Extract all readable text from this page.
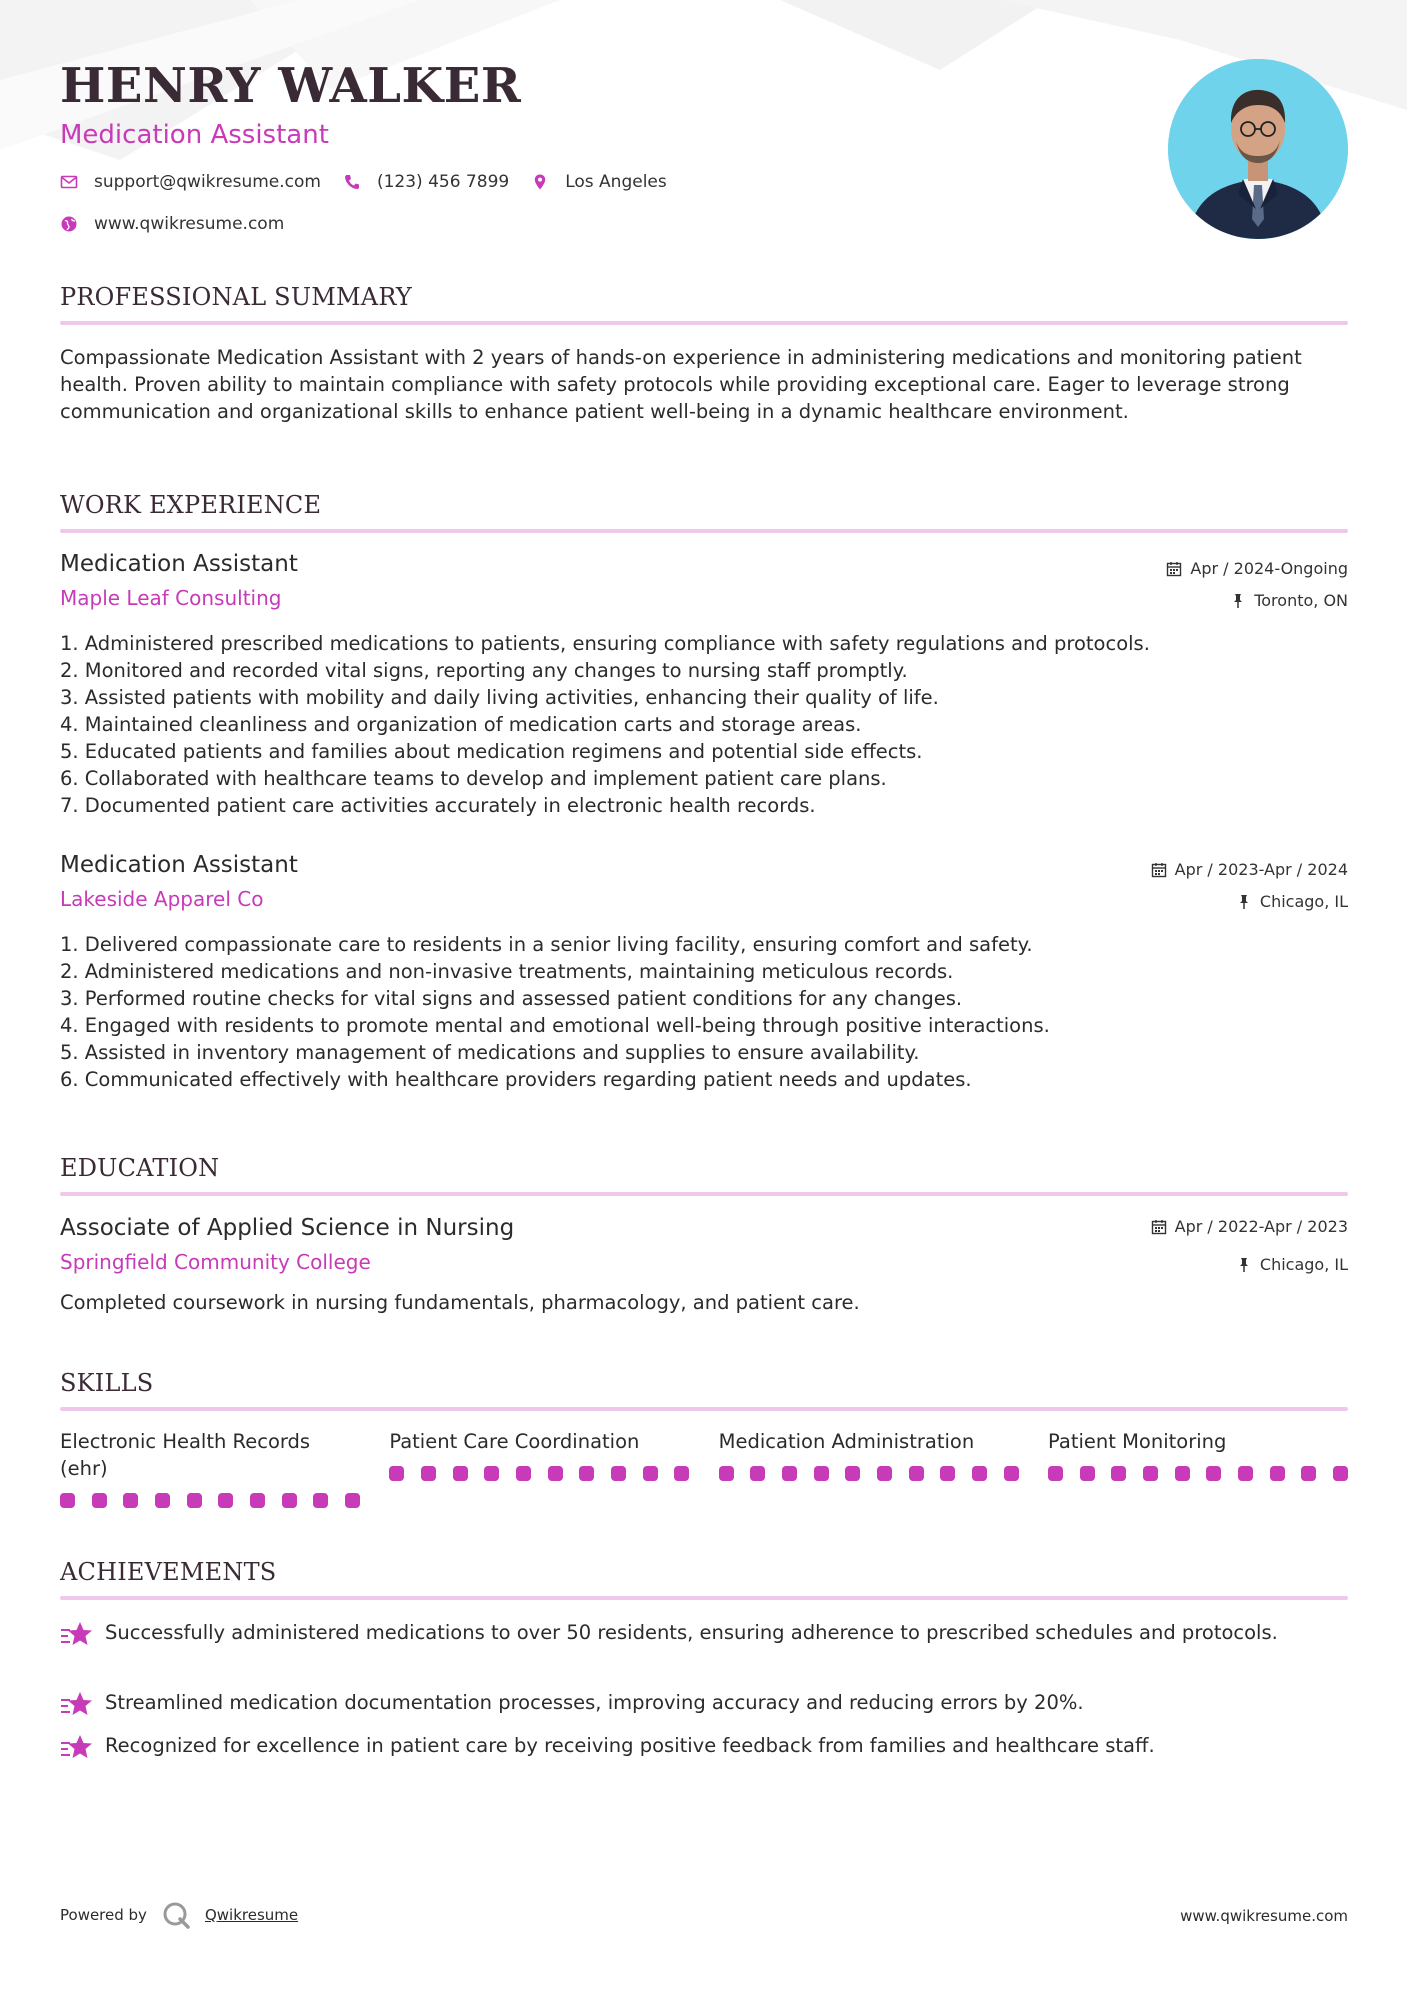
HENRY WALKER
Medication Assistant
support@qwikresume.com	(123) 456 7899	Los Angeles
www.qwikresume.com
PROFESSIONAL SUMMARY
Compassionate Medication Assistant with 2 years of hands-on experience in administering medications and monitoring patient health. Proven ability to maintain compliance with safety protocols while providing exceptional care. Eager to leverage strong communication and organizational skills to enhance patient well-being in a dynamic healthcare environment.
WORK EXPERIENCE
Medication Assistant
Maple Leaf Consulting
Apr / 2024-Ongoing
Toronto, ON
1. Administered prescribed medications to patients, ensuring compliance with safety regulations and protocols.
2. Monitored and recorded vital signs, reporting any changes to nursing staff promptly.
3. Assisted patients with mobility and daily living activities, enhancing their quality of life.
4. Maintained cleanliness and organization of medication carts and storage areas.
5. Educated patients and families about medication regimens and potential side effects.
6. Collaborated with healthcare teams to develop and implement patient care plans.
7. Documented patient care activities accurately in electronic health records.
Medication Assistant
Lakeside Apparel Co
Apr / 2023-Apr / 2024
Chicago, IL
1. Delivered compassionate care to residents in a senior living facility, ensuring comfort and safety.
2. Administered medications and non-invasive treatments, maintaining meticulous records.
3. Performed routine checks for vital signs and assessed patient conditions for any changes.
4. Engaged with residents to promote mental and emotional well-being through positive interactions.
5. Assisted in inventory management of medications and supplies to ensure availability.
6. Communicated effectively with healthcare providers regarding patient needs and updates.
EDUCATION
Associate of Applied Science in Nursing
Springfield Community College
Apr / 2022-Apr / 2023
Chicago, IL
Completed coursework in nursing fundamentals, pharmacology, and patient care.
SKILLS
Electronic Health Records (ehr)
Patient Care Coordination	Medication Administration	Patient Monitoring
ACHIEVEMENTS
Successfully administered medications to over 50 residents, ensuring adherence to prescribed schedules and protocols.
Streamlined medication documentation processes, improving accuracy and reducing errors by 20%.
Recognized for excellence in patient care by receiving positive feedback from families and healthcare staff.
Powered by	Qwikresume	www.qwikresume.com
